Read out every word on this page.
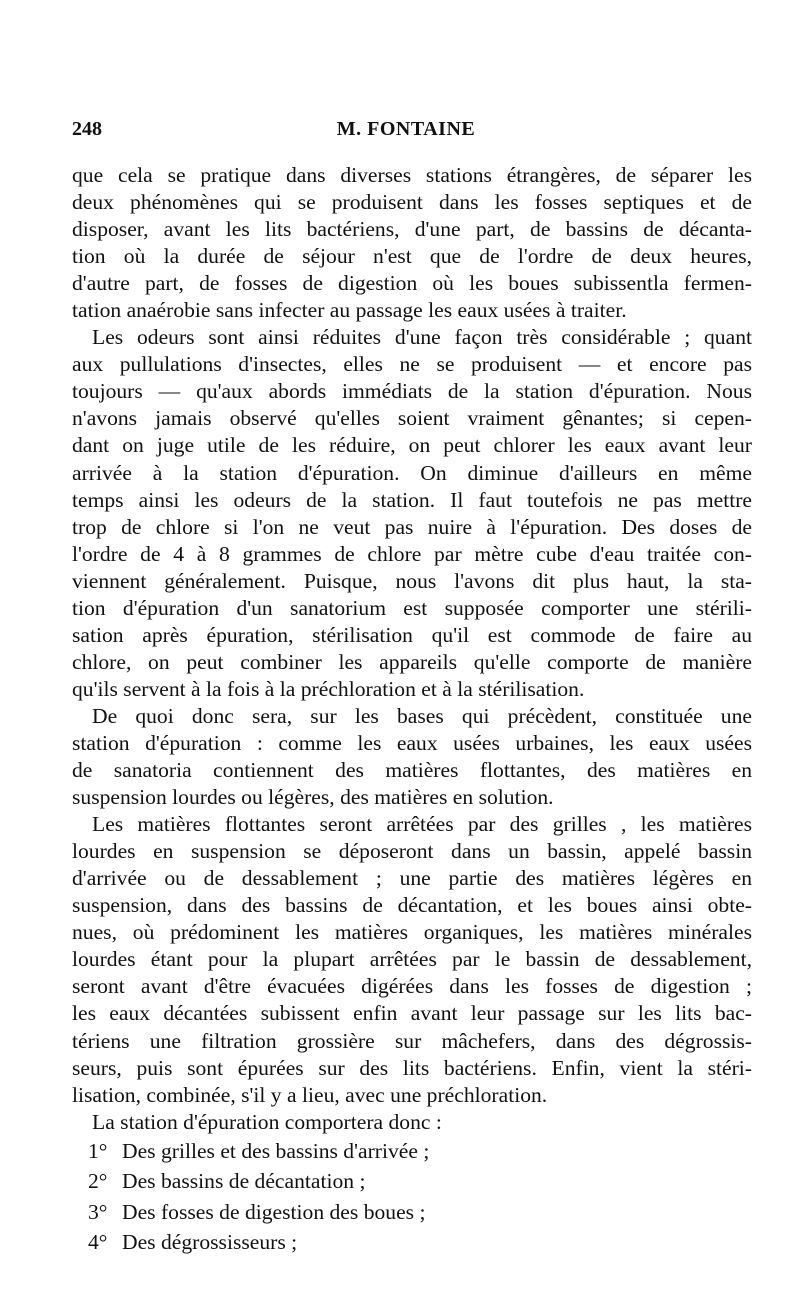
248	M. FONTAINE
que cela se pratique dans diverses stations étrangères, de séparer les
deux phénomènes qui se produisent dans les fosses septiques et de
disposer, avant les lits bactériens, d'une part, de bassins de décanta-
tion où la durée de séjour n'est que de l'ordre de deux heures,
d'autre part, de fosses de digestion où les boues subissentla fermen-
tation anaérobie sans infecter au passage les eaux usées à traiter.
Les odeurs sont ainsi réduites d'une façon très considérable ; quant
aux pullulations d'insectes, elles ne se produisent — et encore pas
toujours — qu'aux abords immédiats de la station d'épuration. Nous
n'avons jamais observé qu'elles soient vraiment gênantes; si cepen-
dant on juge utile de les réduire, on peut chlorer les eaux avant leur
arrivée à la station d'épuration. On diminue d'ailleurs en même
temps ainsi les odeurs de la station. Il faut toutefois ne pas mettre
trop de chlore si l'on ne veut pas nuire à l'épuration. Des doses de
l'ordre de 4 à 8 grammes de chlore par mètre cube d'eau traitée con-
viennent généralement. Puisque, nous l'avons dit plus haut, la sta-
tion d'épuration d'un sanatorium est supposée comporter une stérili-
sation après épuration, stérilisation qu'il est commode de faire au
chlore, on peut combiner les appareils qu'elle comporte de manière
qu'ils servent à la fois à la préchloration et à la stérilisation.
De quoi donc sera, sur les bases qui précèdent, constituée une
station d'épuration : comme les eaux usées urbaines, les eaux usées
de sanatoria contiennent des matières flottantes, des matières en
suspension lourdes ou légères, des matières en solution.
Les matières flottantes seront arrêtées par des grilles , les matières
lourdes en suspension se déposeront dans un bassin, appelé bassin
d'arrivée ou de dessablement ; une partie des matières légères en
suspension, dans des bassins de décantation, et les boues ainsi obte-
nues, où prédominent les matières organiques, les matières minérales
lourdes étant pour la plupart arrêtées par le bassin de dessablement,
seront avant d'être évacuées digérées dans les fosses de digestion ;
les eaux décantées subissent enfin avant leur passage sur les lits bac-
tériens une filtration grossière sur mâchefers, dans des dégrossis-
seurs, puis sont épurées sur des lits bactériens. Enfin, vient la stéri-
lisation, combinée, s'il y a lieu, avec une préchloration.
La station d'épuration comportera donc :
1° Des grilles et des bassins d'arrivée ;
2° Des bassins de décantation ;
3° Des fosses de digestion des boues ;
4° Des dégrossisseurs ;
